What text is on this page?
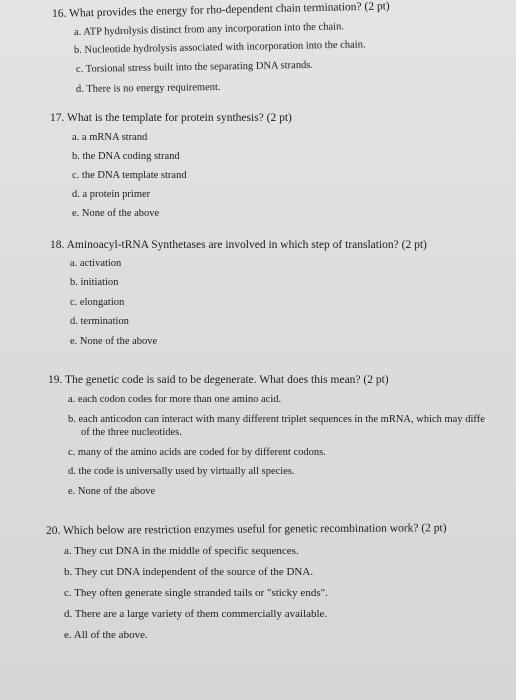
16. What provides the energy for rho-dependent chain termination? (2 pt)
a. ATP hydrolysis distinct from any incorporation into the chain.
b. Nucleotide hydrolysis associated with incorporation into the chain.
c. Torsional stress built into the separating DNA strands.
d. There is no energy requirement.
17. What is the template for protein synthesis? (2 pt)
a. a mRNA strand
b. the DNA coding strand
c. the DNA template strand
d. a protein primer
e. None of the above
18. Aminoacyl-tRNA Synthetases are involved in which step of translation? (2 pt)
a. activation
b. initiation
c. elongation
d. termination
e. None of the above
19. The genetic code is said to be degenerate. What does this mean? (2 pt)
a. each codon codes for more than one amino acid.
b. each anticodon can interact with many different triplet sequences in the mRNA, which may diffe
of the three nucleotides.
c. many of the amino acids are coded for by different codons.
d. the code is universally used by virtually all species.
e. None of the above
20. Which below are restriction enzymes useful for genetic recombination work? (2 pt)
a. They cut DNA in the middle of specific sequences.
b. They cut DNA independent of the source of the DNA.
c. They often generate single stranded tails or "sticky ends".
d. There are a large variety of them commercially available.
e. All of the above.
